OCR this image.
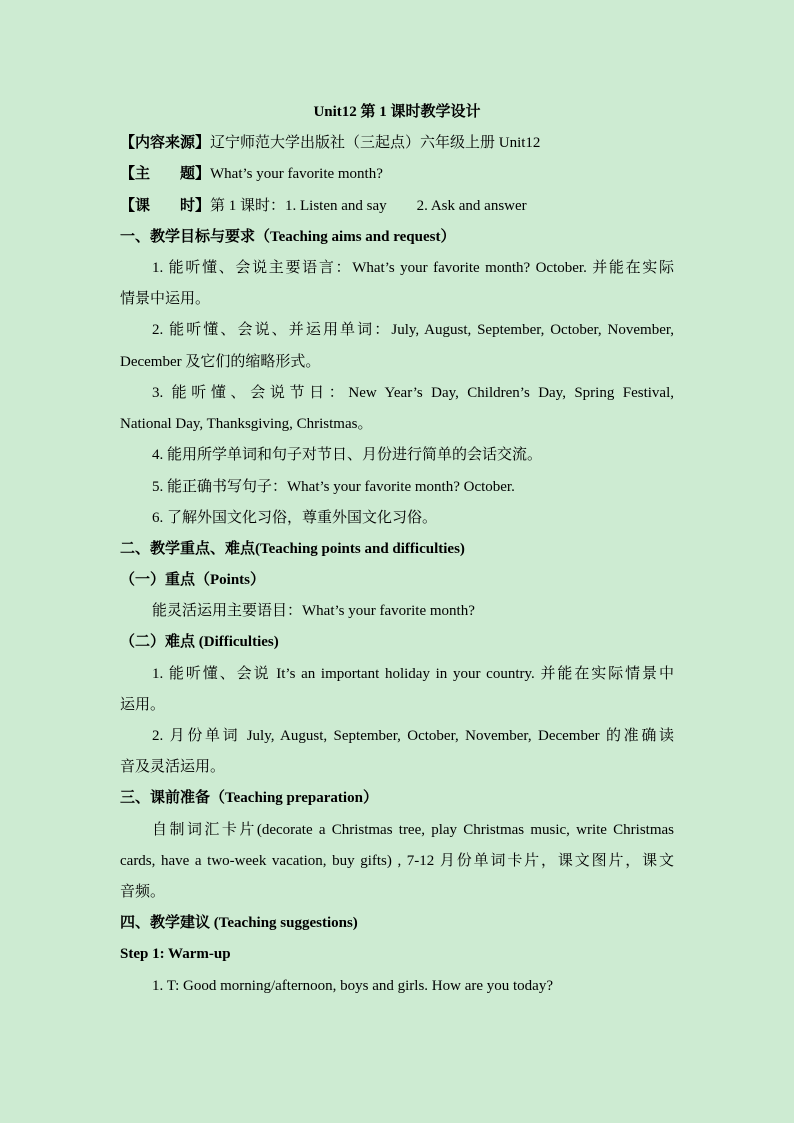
Unit12 第 1 课时教学设计
【内容来源】辽宁师范大学出版社（三起点）六年级上册 Unit12
【主　　题】What’s your favorite month?
【课　　时】第 1 课时：1. Listen and say　　2. Ask and answer
一、教学目标与要求（Teaching aims and request）
1. 能听懂、会说主要语言：What’s your favorite month? October. 并能在实际
情景中运用。
2. 能听懂、会说、并运用单词：July, August, September, October, November,
December 及它们的缩略形式。
3. 能听懂、会说节日：New Year’s Day, Children’s Day, Spring Festival,
National Day, Thanksgiving, Christmas。
4. 能用所学单词和句子对节日、月份进行简单的会话交流。
5. 能正确书写句子：What’s your favorite month? October.
6. 了解外国文化习俗，尊重外国文化习俗。
二、教学重点、难点(Teaching points and difficulties)
（一）重点（Points）
能灵活运用主要语目：What’s your favorite month?
（二）难点 (Difficulties)
1. 能听懂、会说 It’s an important holiday in your country. 并能在实际情景中
运用。
2. 月份单词 July, August, September, October, November, December 的准确读
音及灵活运用。
三、课前准备（Teaching preparation）
自制词汇卡片(decorate a Christmas tree, play Christmas music, write Christmas
cards, have a two-week vacation, buy gifts) , 7-12 月份单词卡片，课文图片，课文
音频。
四、教学建议 (Teaching suggestions)
Step 1: Warm-up
1. T: Good morning/afternoon, boys and girls. How are you today?
